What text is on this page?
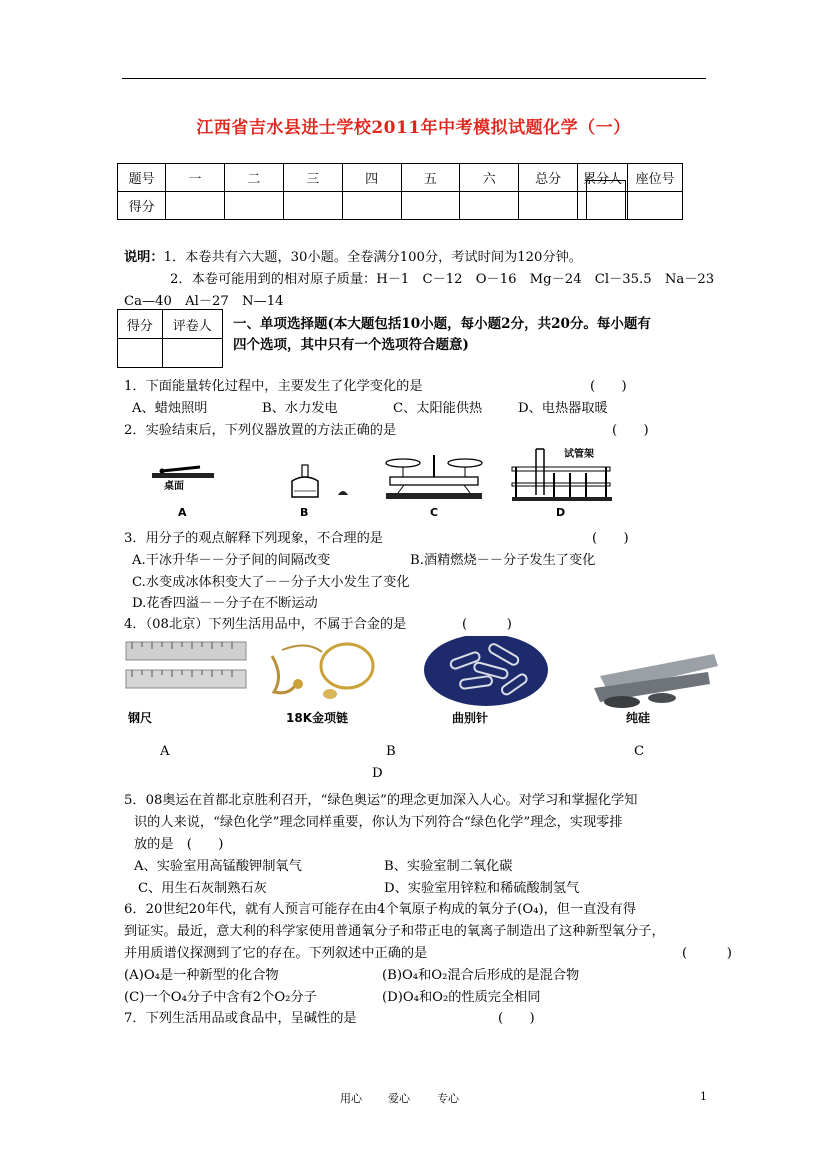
江西省吉水县进士学校2011年中考模拟试题化学（一）
题号	一	二	三	四	五	六	总分	累分人	座位号
得分									
说明：1．本卷共有六大题，30小题。全卷满分100分，考试时间为120分钟。
2．本卷可能用到的相对原子质量：H－1　C－12　O－16　Mg－24　Cl－35.5　Na－23
Ca—40　Al－27　N—14
得分	评卷人
	一、单项选择题(本大题包括10小题，每小题2分，共20分。每小题有
四个选项，其中只有一个选项符合题意)
1．下面能量转化过程中，主要发生了化学变化的是	(　　)
A、蜡烛照明	B、水力发电	C、太阳能供热	D、电热器取暖
2．实验结束后，下列仪器放置的方法正确的是	(　　)
桌面
试管架
A	B	C	D
3．用分子的观点解释下列现象，不合理的是	(　　)
A.干冰升华－－分子间的间隔改变	B.酒精燃烧－－分子发生了变化
C.水变成冰体积变大了－－分子大小发生了变化
D.花香四溢－－分子在不断运动
4．（08北京）下列生活用品中，不属于合金的是	(　　　)
钢尺	18K金项链	曲别针	纯硅
A	B	C
D
5．08奥运在首都北京胜利召开，“绿色奥运”的理念更加深入人心。对学习和掌握化学知
识的人来说，“绿色化学”理念同样重要，你认为下列符合“绿色化学”理念，实现零排
放的是　(　　)
A、实验室用高锰酸钾制氧气	B、实验室制二氧化碳
C、用生石灰制熟石灰	D、实验室用锌粒和稀硫酸制氢气
6．20世纪20年代，就有人预言可能存在由4个氧原子构成的氧分子(O₄)，但一直没有得
到证实。最近，意大利的科学家使用普通氧分子和带正电的氧离子制造出了这种新型氧分子，
并用质谱仪探测到了它的存在。下列叙述中正确的是	(　　　)
(A)O₄是一种新型的化合物	(B)O₄和O₂混合后形成的是混合物
(C)一个O₄分子中含有2个O₂分子	(D)O₄和O₂的性质完全相同
7．下列生活用品或食品中，呈碱性的是	(　　)
用心 爱心 专心	1
